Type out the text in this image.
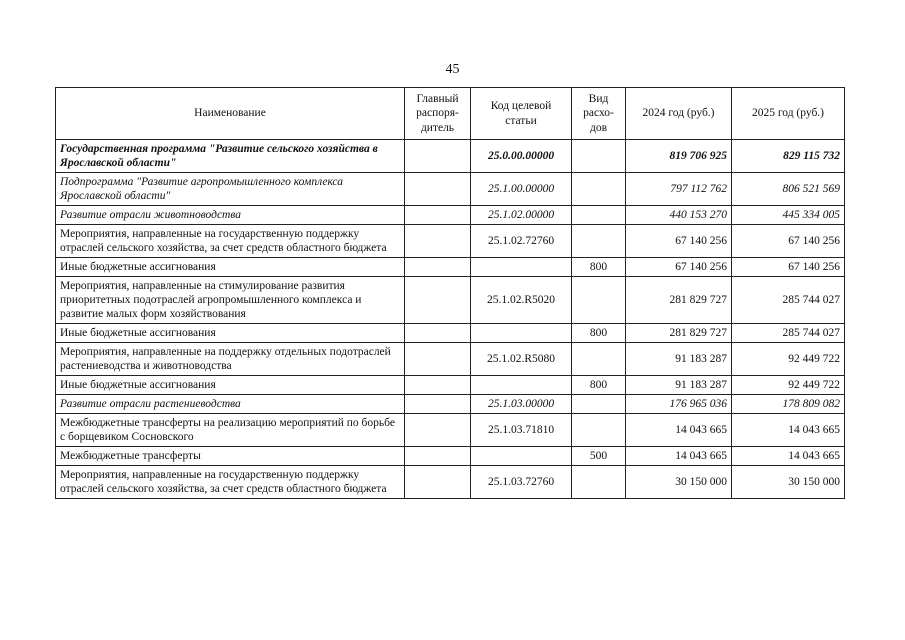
45
Наименование	Главный распоря-дитель	Код целевой статьи	Вид расхо-дов	2024 год (руб.)	2025 год (руб.)
Государственная программа "Развитие сельского хозяйства в Ярославской области"		25.0.00.00000		819 706 925	829 115 732
Подпрограмма "Развитие агропромышленного комплекса Ярославской области"		25.1.00.00000		797 112 762	806 521 569
Развитие отрасли животноводства		25.1.02.00000		440 153 270	445 334 005
Мероприятия, направленные на государственную поддержку отраслей сельского хозяйства, за счет средств областного бюджета		25.1.02.72760		67 140 256	67 140 256
Иные бюджетные ассигнования			800	67 140 256	67 140 256
Мероприятия, направленные на стимулирование развития приоритетных подотраслей агропромышленного комплекса и развитие малых форм хозяйствования		25.1.02.R5020		281 829 727	285 744 027
Иные бюджетные ассигнования			800	281 829 727	285 744 027
Мероприятия, направленные на поддержку отдельных подотраслей растениеводства и животноводства		25.1.02.R5080		91 183 287	92 449 722
Иные бюджетные ассигнования			800	91 183 287	92 449 722
Развитие отрасли растениеводства		25.1.03.00000		176 965 036	178 809 082
Межбюджетные трансферты на реализацию мероприятий по борьбе с борщевиком Сосновского		25.1.03.71810		14 043 665	14 043 665
Межбюджетные трансферты			500	14 043 665	14 043 665
Мероприятия, направленные на государственную поддержку отраслей сельского хозяйства, за счет средств областного бюджета		25.1.03.72760		30 150 000	30 150 000
